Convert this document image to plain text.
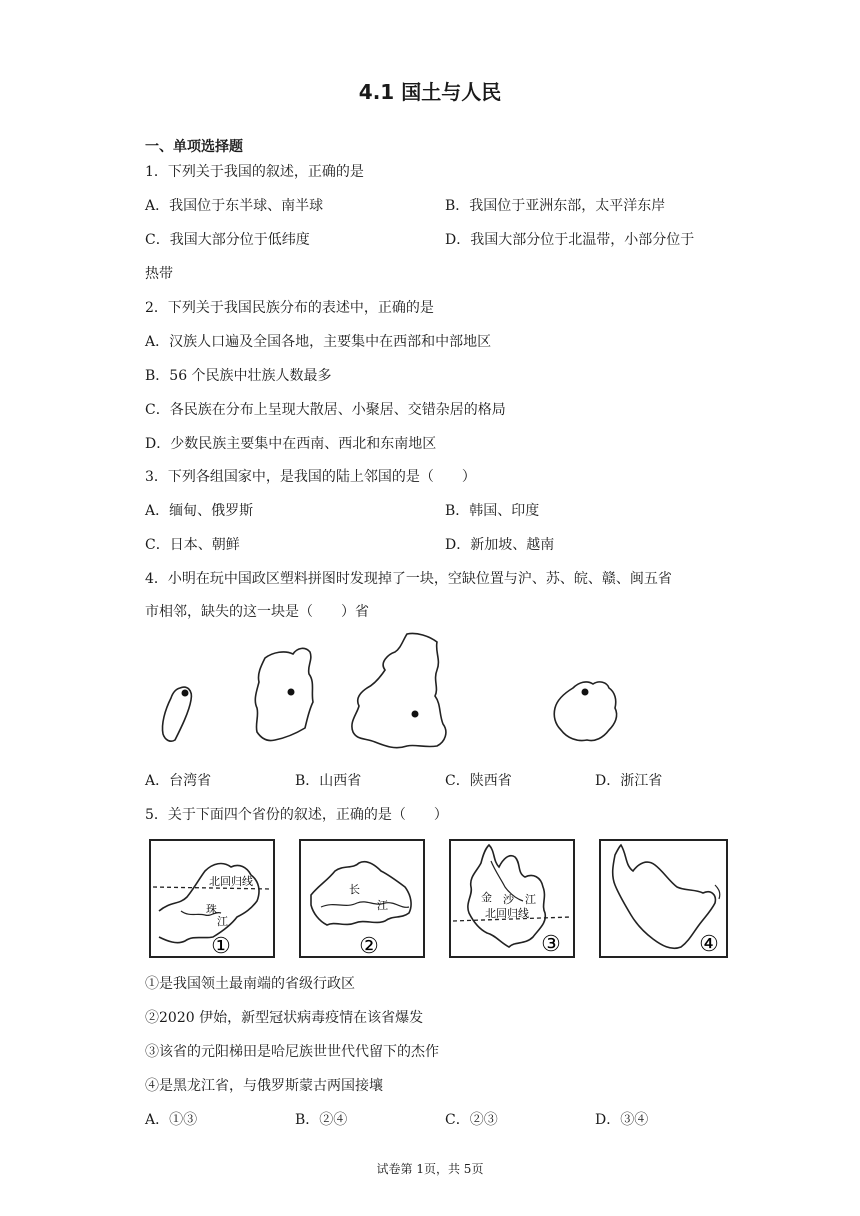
4.1 国土与人民
一、单项选择题
1．下列关于我国的叙述，正确的是
A．我国位于东半球、南半球	B．我国位于亚洲东部，太平洋东岸
C．我国大部分位于低纬度	D．我国大部分位于北温带，小部分位于
热带
2．下列关于我国民族分布的表述中，正确的是
A．汉族人口遍及全国各地，主要集中在西部和中部地区
B．56 个民族中壮族人数最多
C．各民族在分布上呈现大散居、小聚居、交错杂居的格局
D．少数民族主要集中在西南、西北和东南地区
3．下列各组国家中，是我国的陆上邻国的是（　　）
A．缅甸、俄罗斯	B．韩国、印度
C．日本、朝鲜	D．新加坡、越南
4．小明在玩中国政区塑料拼图时发现掉了一块，空缺位置与沪、苏、皖、赣、闽五省
市相邻，缺失的这一块是（　　）省
A．台湾省	B．山西省	C．陕西省	D．浙江省
5．关于下面四个省份的叙述，正确的是（　　）
北回归线
珠
江
①
长
江
②
金 沙 江
北回归线
③	④
①是我国领土最南端的省级行政区
②2020 伊始，新型冠状病毒疫情在该省爆发
③该省的元阳梯田是哈尼族世世代代留下的杰作
④是黑龙江省，与俄罗斯蒙古两国接壤
A．①③	B．②④	C．②③	D．③④
试卷第 1页，共 5页
